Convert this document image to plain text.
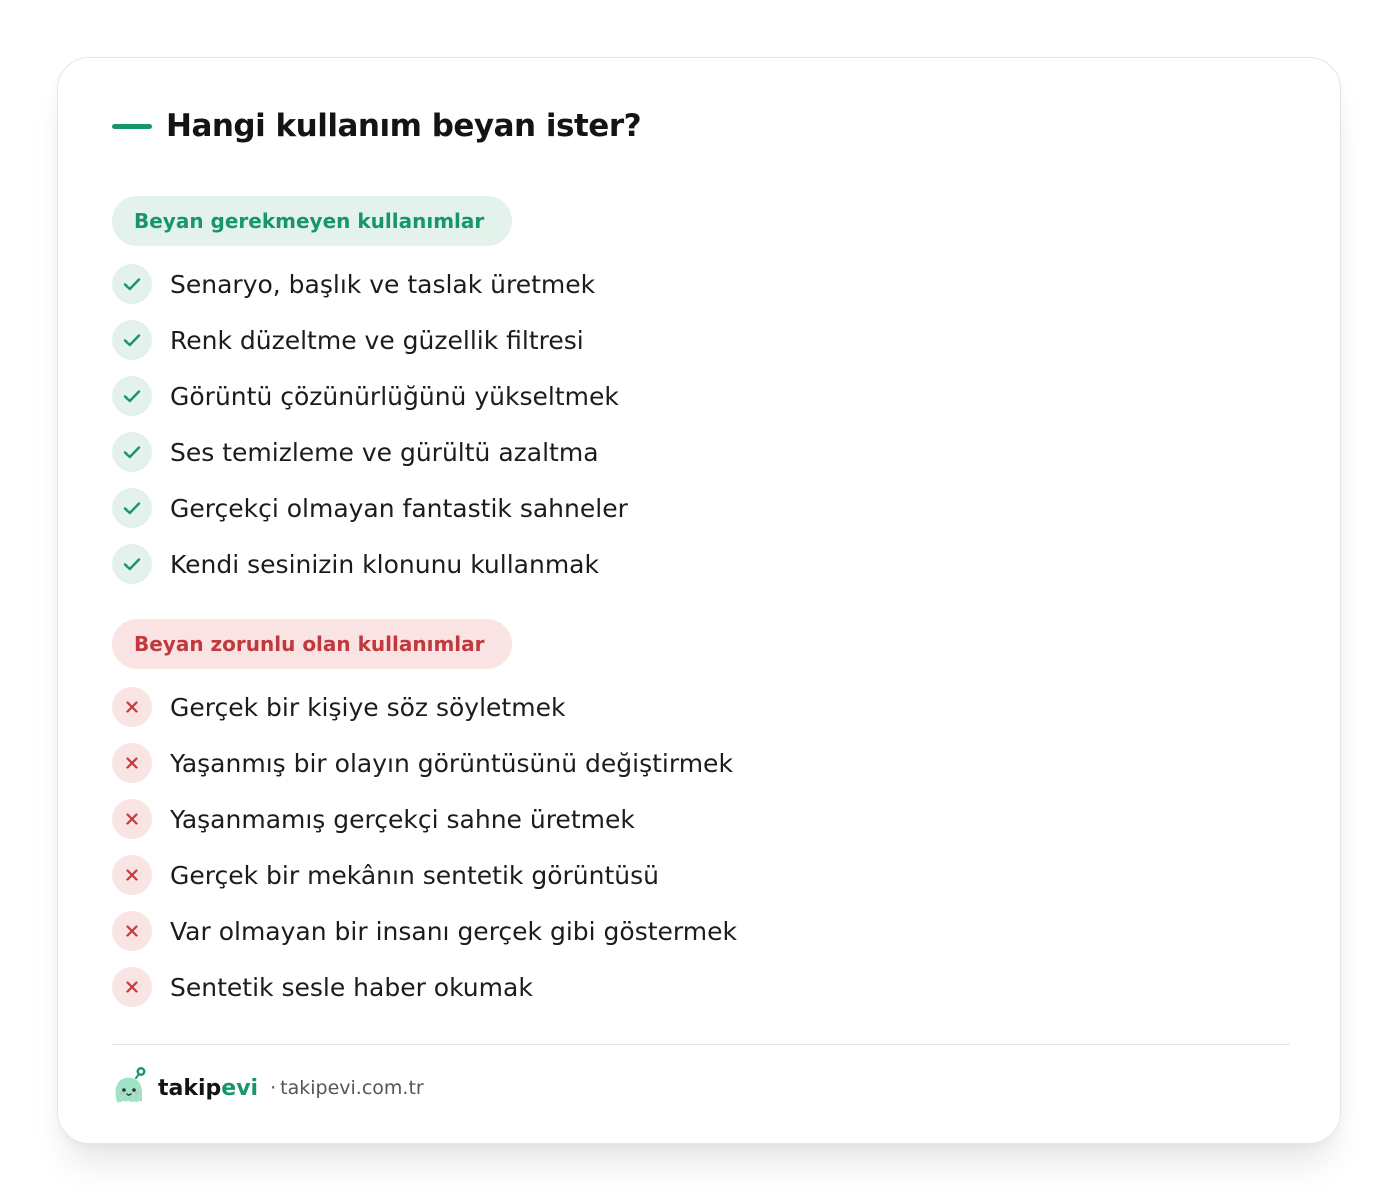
Hangi kullanım beyan ister?
Beyan gerekmeyen kullanımlar
Senaryo, başlık ve taslak üretmek
Renk düzeltme ve güzellik filtresi
Görüntü çözünürlüğünü yükseltmek
Ses temizleme ve gürültü azaltma
Gerçekçi olmayan fantastik sahneler
Kendi sesinizin klonunu kullanmak
Beyan zorunlu olan kullanımlar
Gerçek bir kişiye söz söyletmek
Yaşanmış bir olayın görüntüsünü değiştirmek
Yaşanmamış gerçekçi sahne üretmek
Gerçek bir mekânın sentetik görüntüsü
Var olmayan bir insanı gerçek gibi göstermek
Sentetik sesle haber okumak
takipevi · takipevi.com.tr
